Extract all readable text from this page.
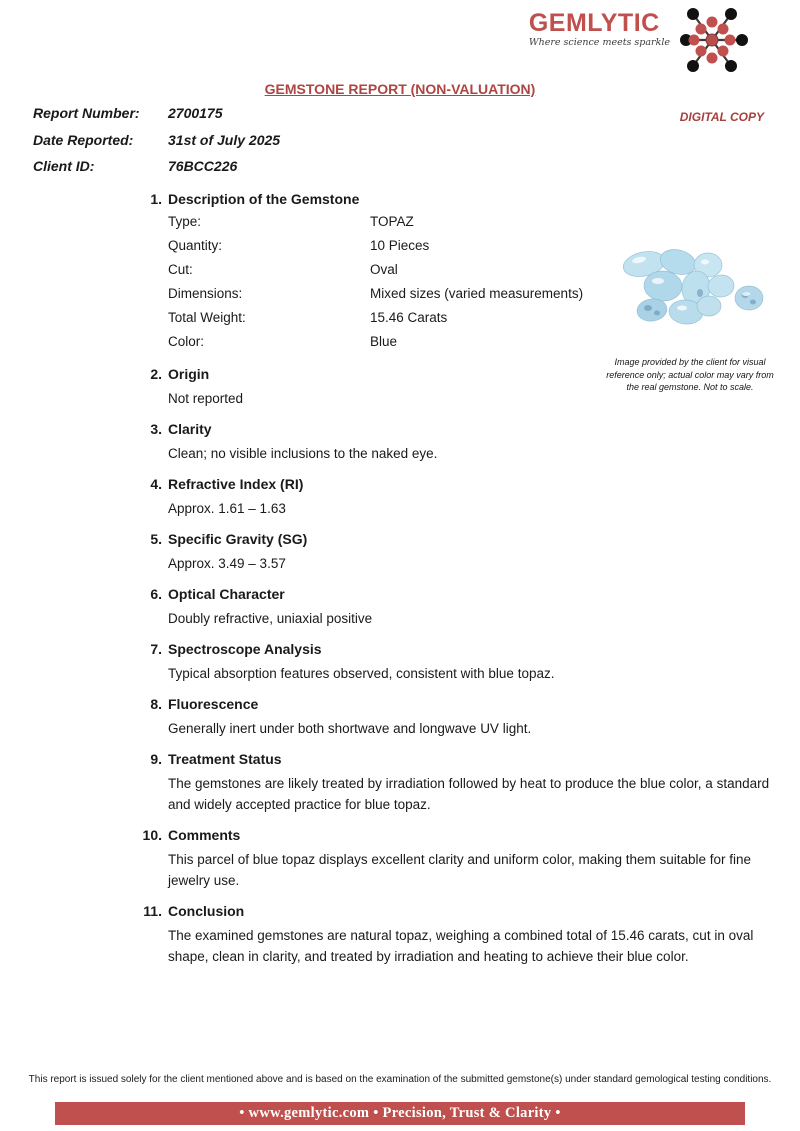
GEMLYTIC
Where science meets sparkle
GEMSTONE REPORT (NON-VALUATION)
Report Number:	2700175
Date Reported:	31st of July 2025
Client ID:	76BCC226
DIGITAL COPY
Image provided by the client for visual reference only; actual color may vary from the real gemstone. Not to scale.
1. Description of the Gemstone
Type:	TOPAZ
Quantity:	10 Pieces
Cut:	Oval
Dimensions:	Mixed sizes (varied measurements)
Total Weight:	15.46 Carats
Color:	Blue
2. Origin

Not reported

3. Clarity

Clean; no visible inclusions to the naked eye.

4. Refractive Index (RI)

Approx. 1.61 – 1.63

5. Specific Gravity (SG)

Approx. 3.49 – 3.57

6. Optical Character

Doubly refractive, uniaxial positive

7. Spectroscope Analysis

Typical absorption features observed, consistent with blue topaz.

8. Fluorescence

Generally inert under both shortwave and longwave UV light.

9. Treatment Status

The gemstones are likely treated by irradiation followed by heat to produce the blue color, a standard and widely accepted practice for blue topaz.

10. Comments

This parcel of blue topaz displays excellent clarity and uniform color, making them suitable for fine jewelry use.

11. Conclusion

The examined gemstones are natural topaz, weighing a combined total of 15.46 carats, cut in oval shape, clean in clarity, and treated by irradiation and heating to achieve their blue color.

This report is issued solely for the client mentioned above and is based on the examination of the submitted gemstone(s) under standard gemological testing conditions.
• www.gemlytic.com • Precision, Trust & Clarity •
